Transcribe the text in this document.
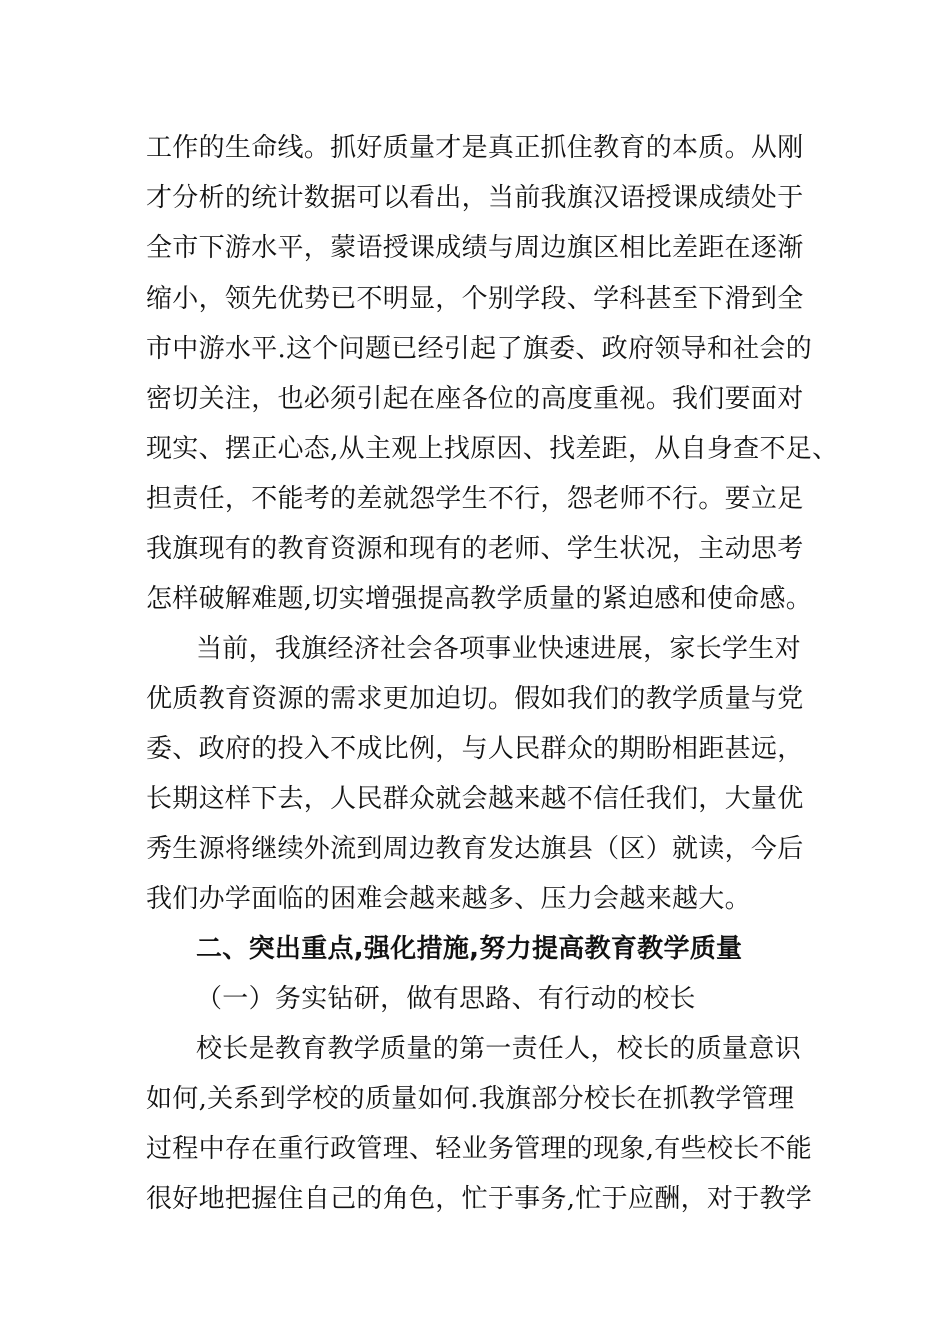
工作的生命线。抓好质量才是真正抓住教育的本质。从刚
才分析的统计数据可以看出，当前我旗汉语授课成绩处于
全市下游水平，蒙语授课成绩与周边旗区相比差距在逐渐
缩小，领先优势已不明显，个别学段、学科甚至下滑到全
市中游水平.这个问题已经引起了旗委、政府领导和社会的
密切关注，也必须引起在座各位的高度重视。我们要面对
现实、摆正心态,从主观上找原因、找差距，从自身查不足、
担责任，不能考的差就怨学生不行，怨老师不行。要立足
我旗现有的教育资源和现有的老师、学生状况，主动思考
怎样破解难题,切实增强提高教学质量的紧迫感和使命感。
当前，我旗经济社会各项事业快速进展，家长学生对
优质教育资源的需求更加迫切。假如我们的教学质量与党
委、政府的投入不成比例，与人民群众的期盼相距甚远，
长期这样下去，人民群众就会越来越不信任我们，大量优
秀生源将继续外流到周边教育发达旗县（区）就读，今后
我们办学面临的困难会越来越多、压力会越来越大。
二、突出重点,强化措施,努力提高教育教学质量
（一）务实钻研，做有思路、有行动的校长
校长是教育教学质量的第一责任人，校长的质量意识
如何,关系到学校的质量如何.我旗部分校长在抓教学管理
过程中存在重行政管理、轻业务管理的现象,有些校长不能
很好地把握住自己的角色，忙于事务,忙于应酬，对于教学
